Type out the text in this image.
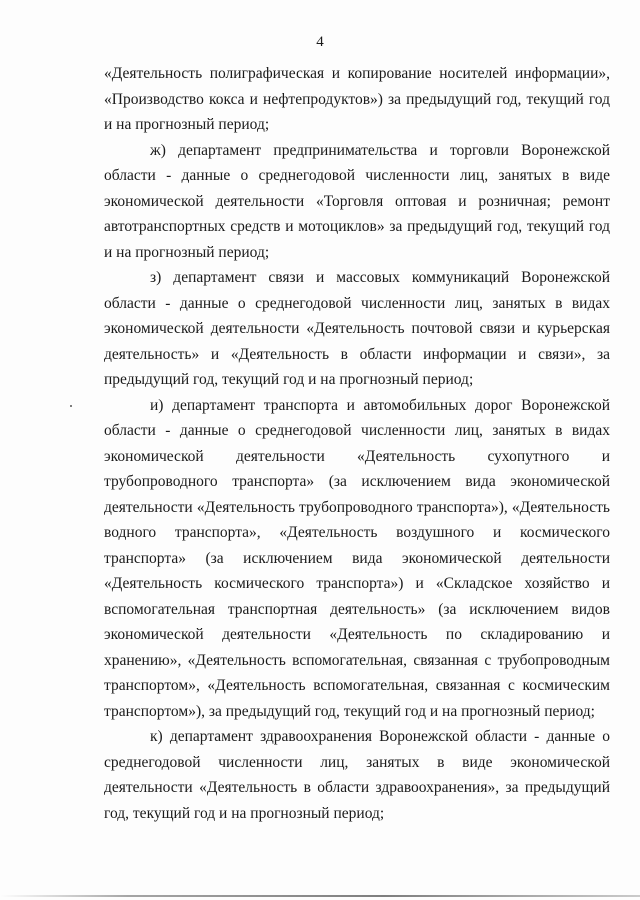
4

«Деятельность полиграфическая и копирование носителей информации», «Производство кокса и нефтепродуктов») за предыдущий год, текущий год и на прогнозный период;

ж) департамент предпринимательства и торговли Воронежской области - данные о среднегодовой численности лиц, занятых в виде экономической деятельности «Торговля оптовая и розничная; ремонт автотранспортных средств и мотоциклов» за предыдущий год, текущий год и на прогнозный период;

з) департамент связи и массовых коммуникаций Воронежской области - данные о среднегодовой численности лиц, занятых в видах экономической деятельности «Деятельность почтовой связи и курьерская деятельность» и «Деятельность в области информации и связи», за предыдущий год, текущий год и на прогнозный период;

и) департамент транспорта и автомобильных дорог Воронежской области - данные о среднегодовой численности лиц, занятых в видах экономической деятельности «Деятельность сухопутного и трубопроводного транспорта» (за исключением вида экономической деятельности «Деятельность трубопроводного транспорта»), «Деятельность водного транспорта», «Деятельность воздушного и космического транспорта» (за исключением вида экономической деятельности «Деятельность космического транспорта») и «Складское хозяйство и вспомогательная транспортная деятельность» (за исключением видов экономической деятельности «Деятельность по складированию и хранению», «Деятельность вспомогательная, связанная с трубопроводным транспортом», «Деятельность вспомогательная, связанная с космическим транспортом»), за предыдущий год, текущий год и на прогнозный период;

к) департамент здравоохранения Воронежской области - данные о среднегодовой численности лиц, занятых в виде экономической деятельности «Деятельность в области здравоохранения», за предыдущий год, текущий год и на прогнозный период;
